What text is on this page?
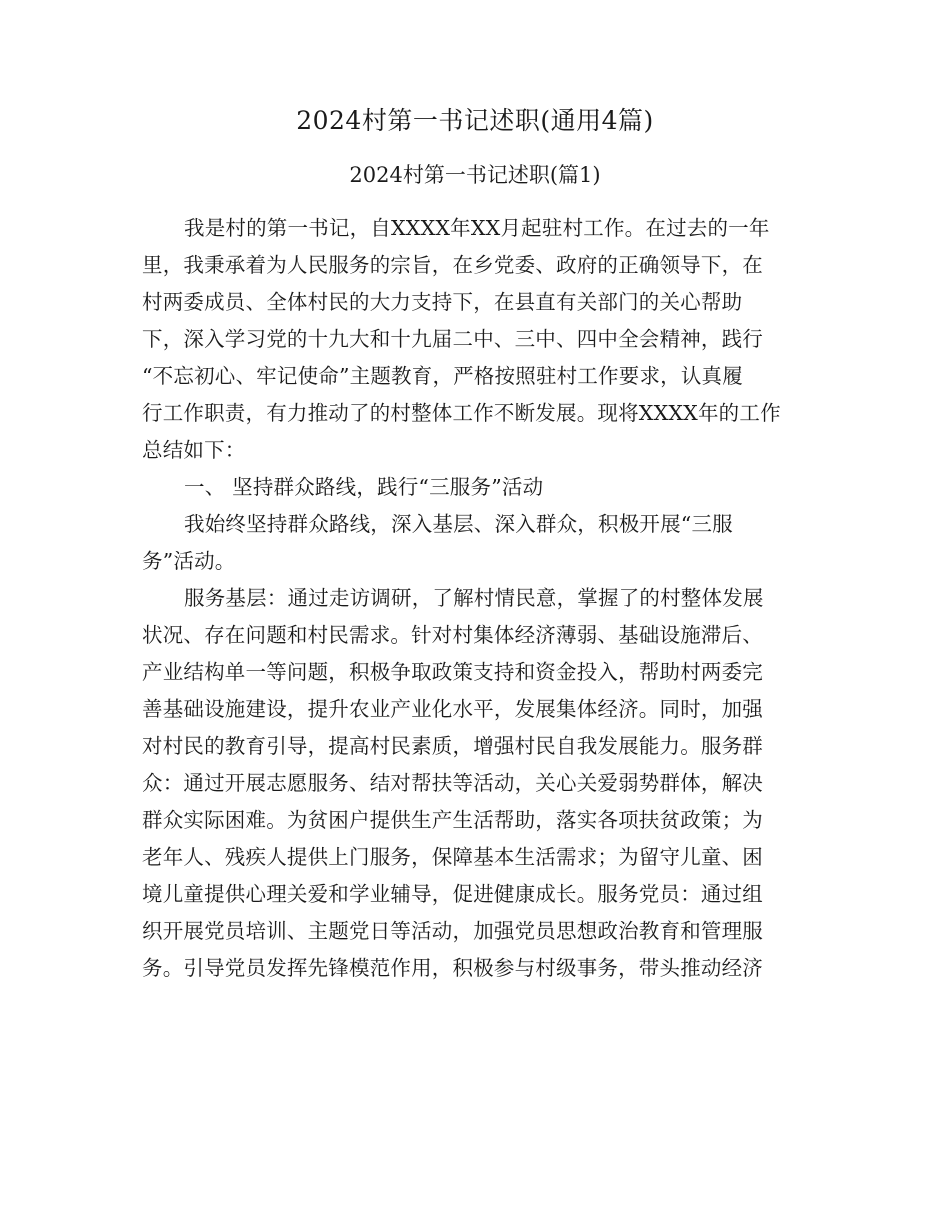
2024村第一书记述职(通用4篇)
2024村第一书记述职(篇1)
我是村的第一书记，自XXXX年XX月起驻村工作。在过去的一年
里，我秉承着为人民服务的宗旨，在乡党委、政府的正确领导下，在
村两委成员、全体村民的大力支持下，在县直有关部门的关心帮助
下，深入学习党的十九大和十九届二中、三中、四中全会精神，践行
“不忘初心、牢记使命”主题教育，严格按照驻村工作要求，认真履
行工作职责，有力推动了的村整体工作不断发展。现将XXXX年的工作
总结如下：
一、 坚持群众路线，践行“三服务”活动
我始终坚持群众路线，深入基层、深入群众，积极开展“三服
务”活动。
服务基层：通过走访调研，了解村情民意，掌握了的村整体发展
状况、存在问题和村民需求。针对村集体经济薄弱、基础设施滞后、
产业结构单一等问题，积极争取政策支持和资金投入，帮助村两委完
善基础设施建设，提升农业产业化水平，发展集体经济。同时，加强
对村民的教育引导，提高村民素质，增强村民自我发展能力。服务群
众：通过开展志愿服务、结对帮扶等活动，关心关爱弱势群体，解决
群众实际困难。为贫困户提供生产生活帮助，落实各项扶贫政策；为
老年人、残疾人提供上门服务，保障基本生活需求；为留守儿童、困
境儿童提供心理关爱和学业辅导，促进健康成长。服务党员：通过组
织开展党员培训、主题党日等活动，加强党员思想政治教育和管理服
务。引导党员发挥先锋模范作用，积极参与村级事务，带头推动经济
